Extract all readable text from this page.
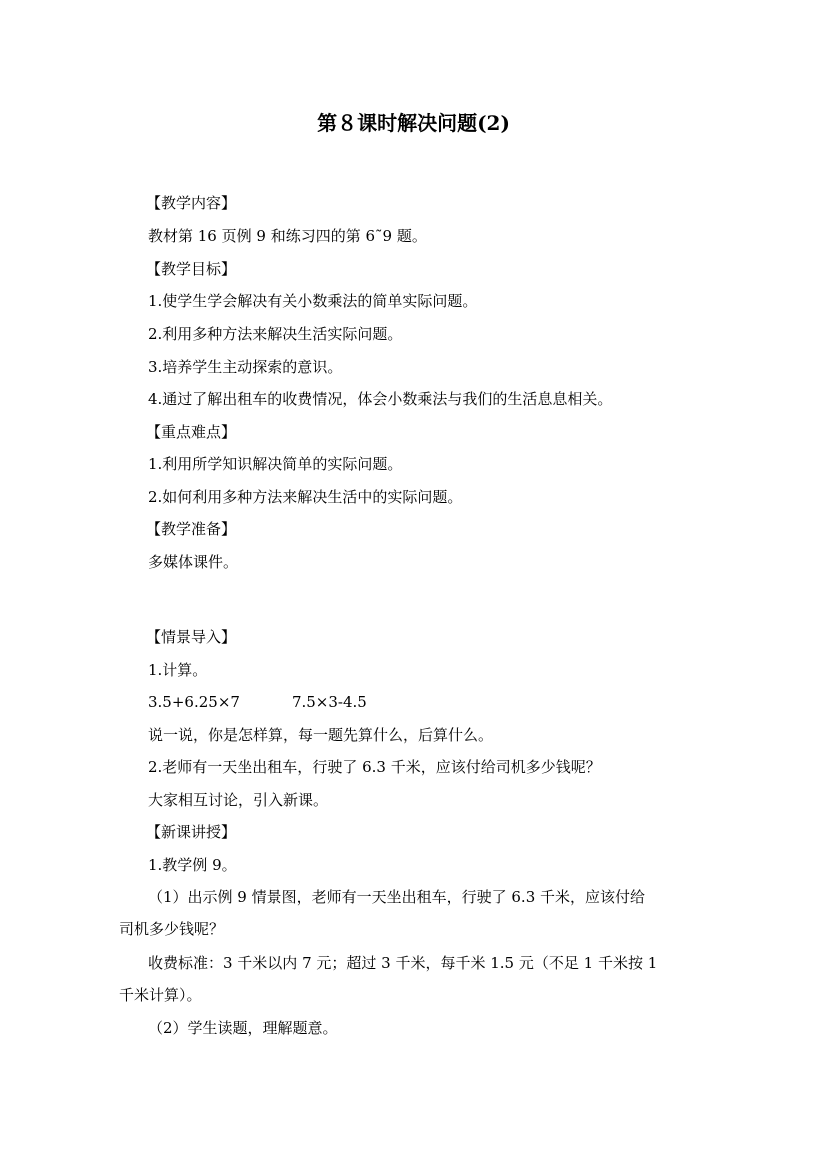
第８课时解决问题(2)
【教学内容】
教材第 16 页例 9 和练习四的第 6˜9 题。
【教学目标】
1.使学生学会解决有关小数乘法的简单实际问题。
2.利用多种方法来解决生活实际问题。
3.培养学生主动探索的意识。
4.通过了解出租车的收费情况，体会小数乘法与我们的生活息息相关。
【重点难点】
1.利用所学知识解决简单的实际问题。
2.如何利用多种方法来解决生活中的实际问题。
【教学准备】
多媒体课件。
【情景导入】
1.计算。
3.5+6.25×7	7.5×3-4.5
说一说，你是怎样算，每一题先算什么，后算什么。
2.老师有一天坐出租车，行驶了 6.3 千米，应该付给司机多少钱呢？
大家相互讨论，引入新课。
【新课讲授】
1.教学例 9。
（1）出示例 9 情景图，老师有一天坐出租车，行驶了 6.3 千米，应该付给
司机多少钱呢？
收费标准：3 千米以内 7 元；超过 3 千米，每千米 1.5 元（不足 1 千米按 1
千米计算）。
（2）学生读题，理解题意。
